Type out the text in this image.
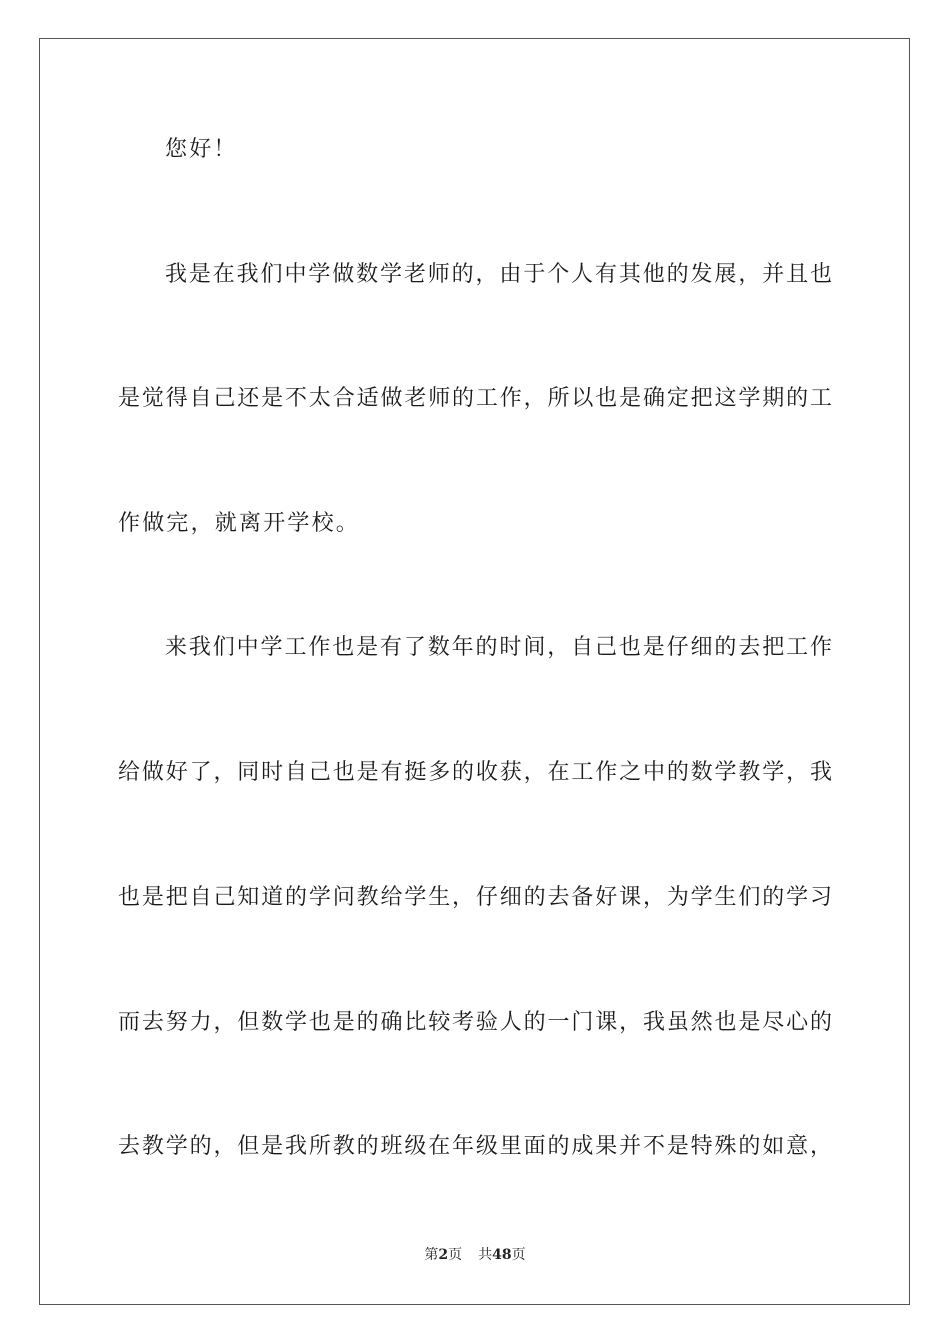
您好！
我是在我们中学做数学老师的，由于个人有其他的发展，并且也
是觉得自己还是不太合适做老师的工作，所以也是确定把这学期的工
作做完，就离开学校。
来我们中学工作也是有了数年的时间，自己也是仔细的去把工作
给做好了，同时自己也是有挺多的收获，在工作之中的数学教学，我
也是把自己知道的学问教给学生，仔细的去备好课，为学生们的学习
而去努力，但数学也是的确比较考验人的一门课，我虽然也是尽心的
去教学的，但是我所教的班级在年级里面的成果并不是特殊的如意，
第2页 共48页
